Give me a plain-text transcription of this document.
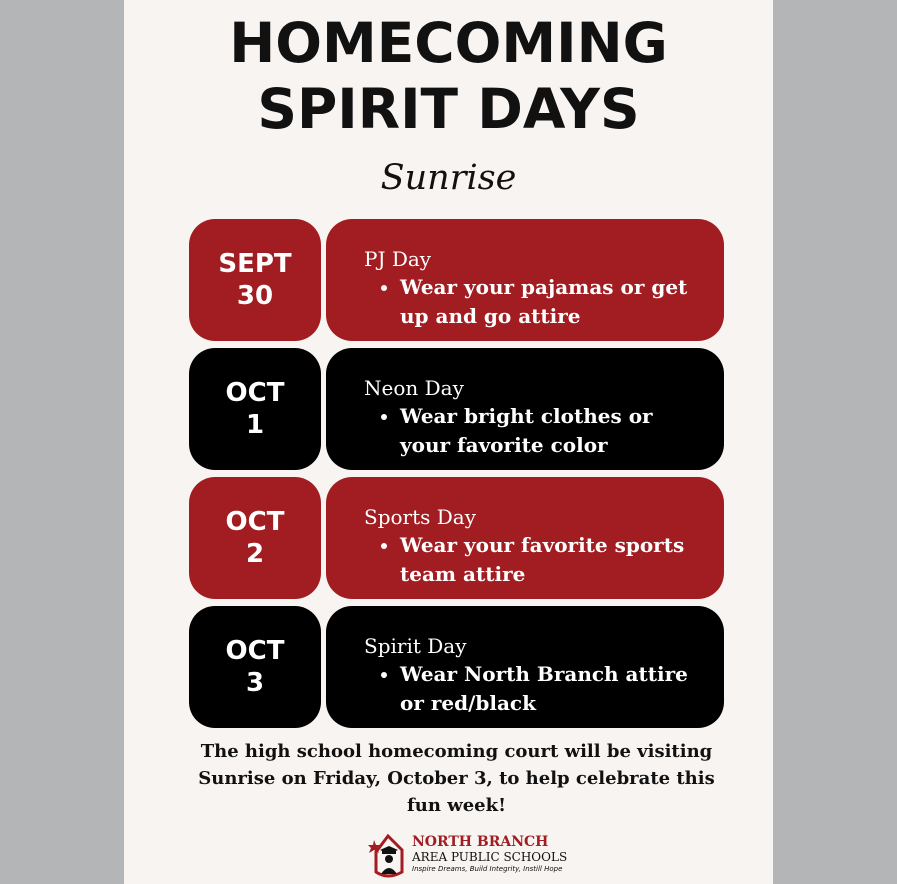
HOMECOMING
SPIRIT DAYS
Sunrise
SEPT
30
PJ Day
• Wear your pajamas or get up and go attire
OCT
1
Neon Day
• Wear bright clothes or your favorite color
OCT
2
Sports Day
• Wear your favorite sports team attire
OCT
3
Spirit Day
• Wear North Branch attire or red/black
The high school homecoming court will be visiting Sunrise on Friday, October 3, to help celebrate this fun week!
NORTH BRANCH
AREA PUBLIC SCHOOLS
Inspire Dreams, Build Integrity, Instill Hope
